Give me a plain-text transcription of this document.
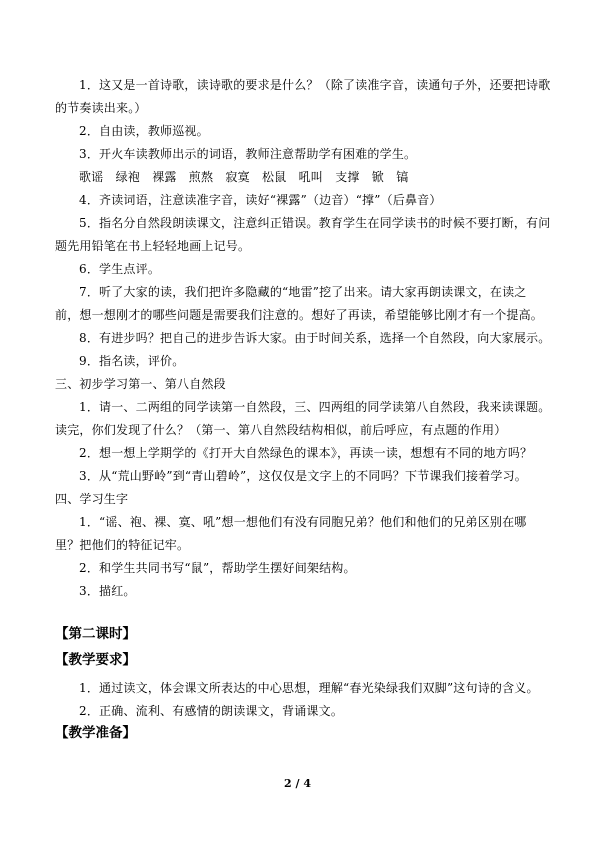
1．这又是一首诗歌，读诗歌的要求是什么？（除了读准字音，读通句子外，还要把诗歌
的节奏读出来。）
2．自由读，教师巡视。
3．开火车读教师出示的词语，教师注意帮助学有困难的学生。
歌谣　绿袍　裸露　煎熬　寂寞　松鼠　吼叫　支撑　锨　镐
4．齐读词语，注意读准字音，读好“裸露”（边音）“撑”（后鼻音）
5．指名分自然段朗读课文，注意纠正错误。教育学生在同学读书的时候不要打断，有问
题先用铅笔在书上轻轻地画上记号。
6．学生点评。
7．听了大家的读，我们把许多隐藏的“地雷”挖了出来。请大家再朗读课文，在读之
前，想一想刚才的哪些问题是需要我们注意的。想好了再读，希望能够比刚才有一个提高。
8．有进步吗？把自己的进步告诉大家。由于时间关系，选择一个自然段，向大家展示。
9．指名读，评价。
三、初步学习第一、第八自然段
1．请一、二两组的同学读第一自然段，三、四两组的同学读第八自然段，我来读课题。
读完，你们发现了什么？（第一、第八自然段结构相似，前后呼应，有点题的作用）
2．想一想上学期学的《打开大自然绿色的课本》，再读一读，想想有不同的地方吗？
3．从“荒山野岭”到“青山碧岭”，这仅仅是文字上的不同吗？下节课我们接着学习。
四、学习生字
1．“谣、袍、裸、寞、吼”想一想他们有没有同胞兄弟？他们和他们的兄弟区别在哪
里？把他们的特征记牢。
2．和学生共同书写“鼠”，帮助学生摆好间架结构。
3．描红。
【第二课时】
【教学要求】
1．通过读文，体会课文所表达的中心思想，理解“春光染绿我们双脚”这句诗的含义。
2．正确、流利、有感情的朗读课文，背诵课文。
【教学准备】
2 / 4
